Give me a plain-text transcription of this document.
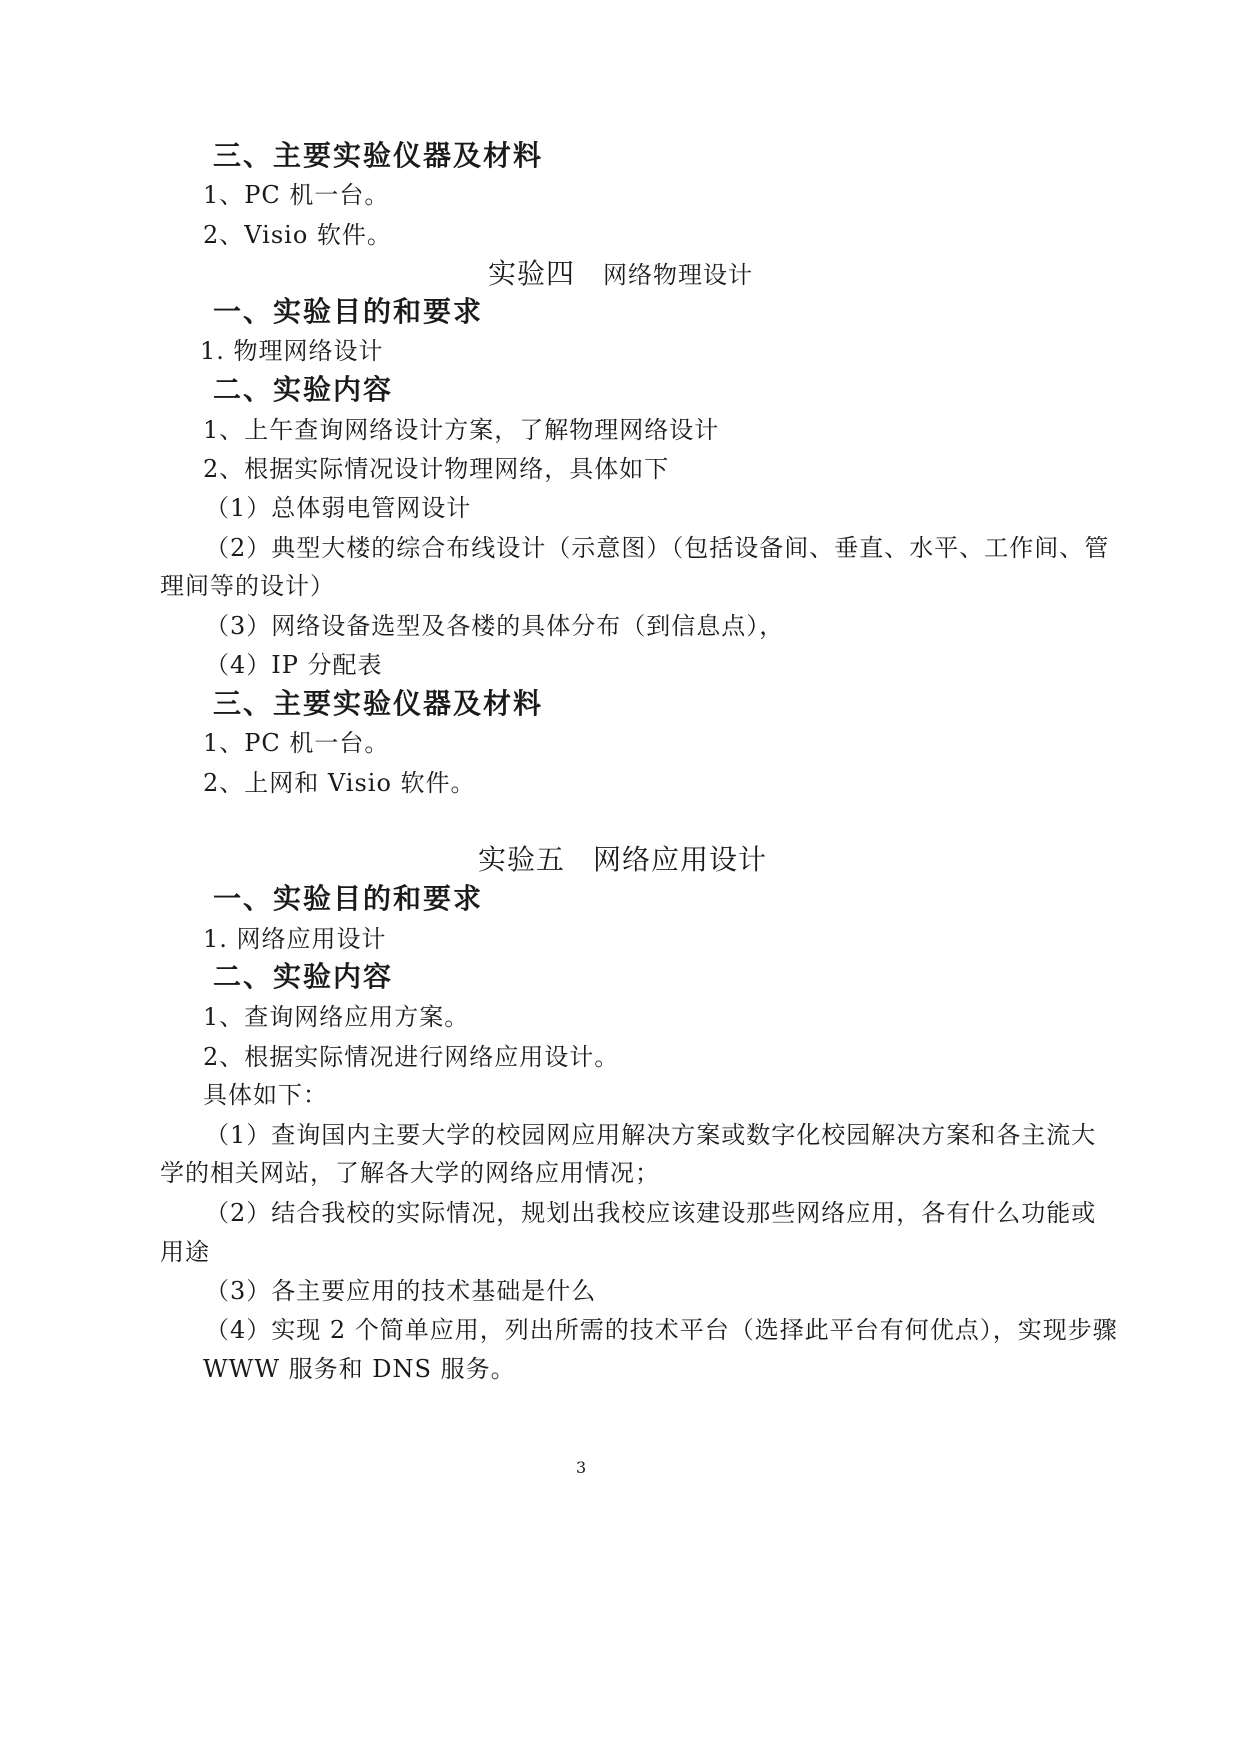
三、主要实验仪器及材料
1、PC 机一台。
2、Visio 软件。
实验四 网络物理设计
一、实验目的和要求
1. 物理网络设计
二、实验内容
1、上午查询网络设计方案，了解物理网络设计
2、根据实际情况设计物理网络，具体如下
（1）总体弱电管网设计
（2）典型大楼的综合布线设计（示意图）（包括设备间、垂直、水平、工作间、管
理间等的设计）
（3）网络设备选型及各楼的具体分布（到信息点），
（4）IP 分配表
三、主要实验仪器及材料
1、PC 机一台。
2、上网和 Visio 软件。
实验五 网络应用设计
一、实验目的和要求
1. 网络应用设计
二、实验内容
1、查询网络应用方案。
2、根据实际情况进行网络应用设计。
具体如下：
（1）查询国内主要大学的校园网应用解决方案或数字化校园解决方案和各主流大
学的相关网站，了解各大学的网络应用情况；
（2）结合我校的实际情况，规划出我校应该建设那些网络应用，各有什么功能或
用途
（3）各主要应用的技术基础是什么
（4）实现 2 个简单应用，列出所需的技术平台（选择此平台有何优点），实现步骤
WWW 服务和 DNS 服务。
3
